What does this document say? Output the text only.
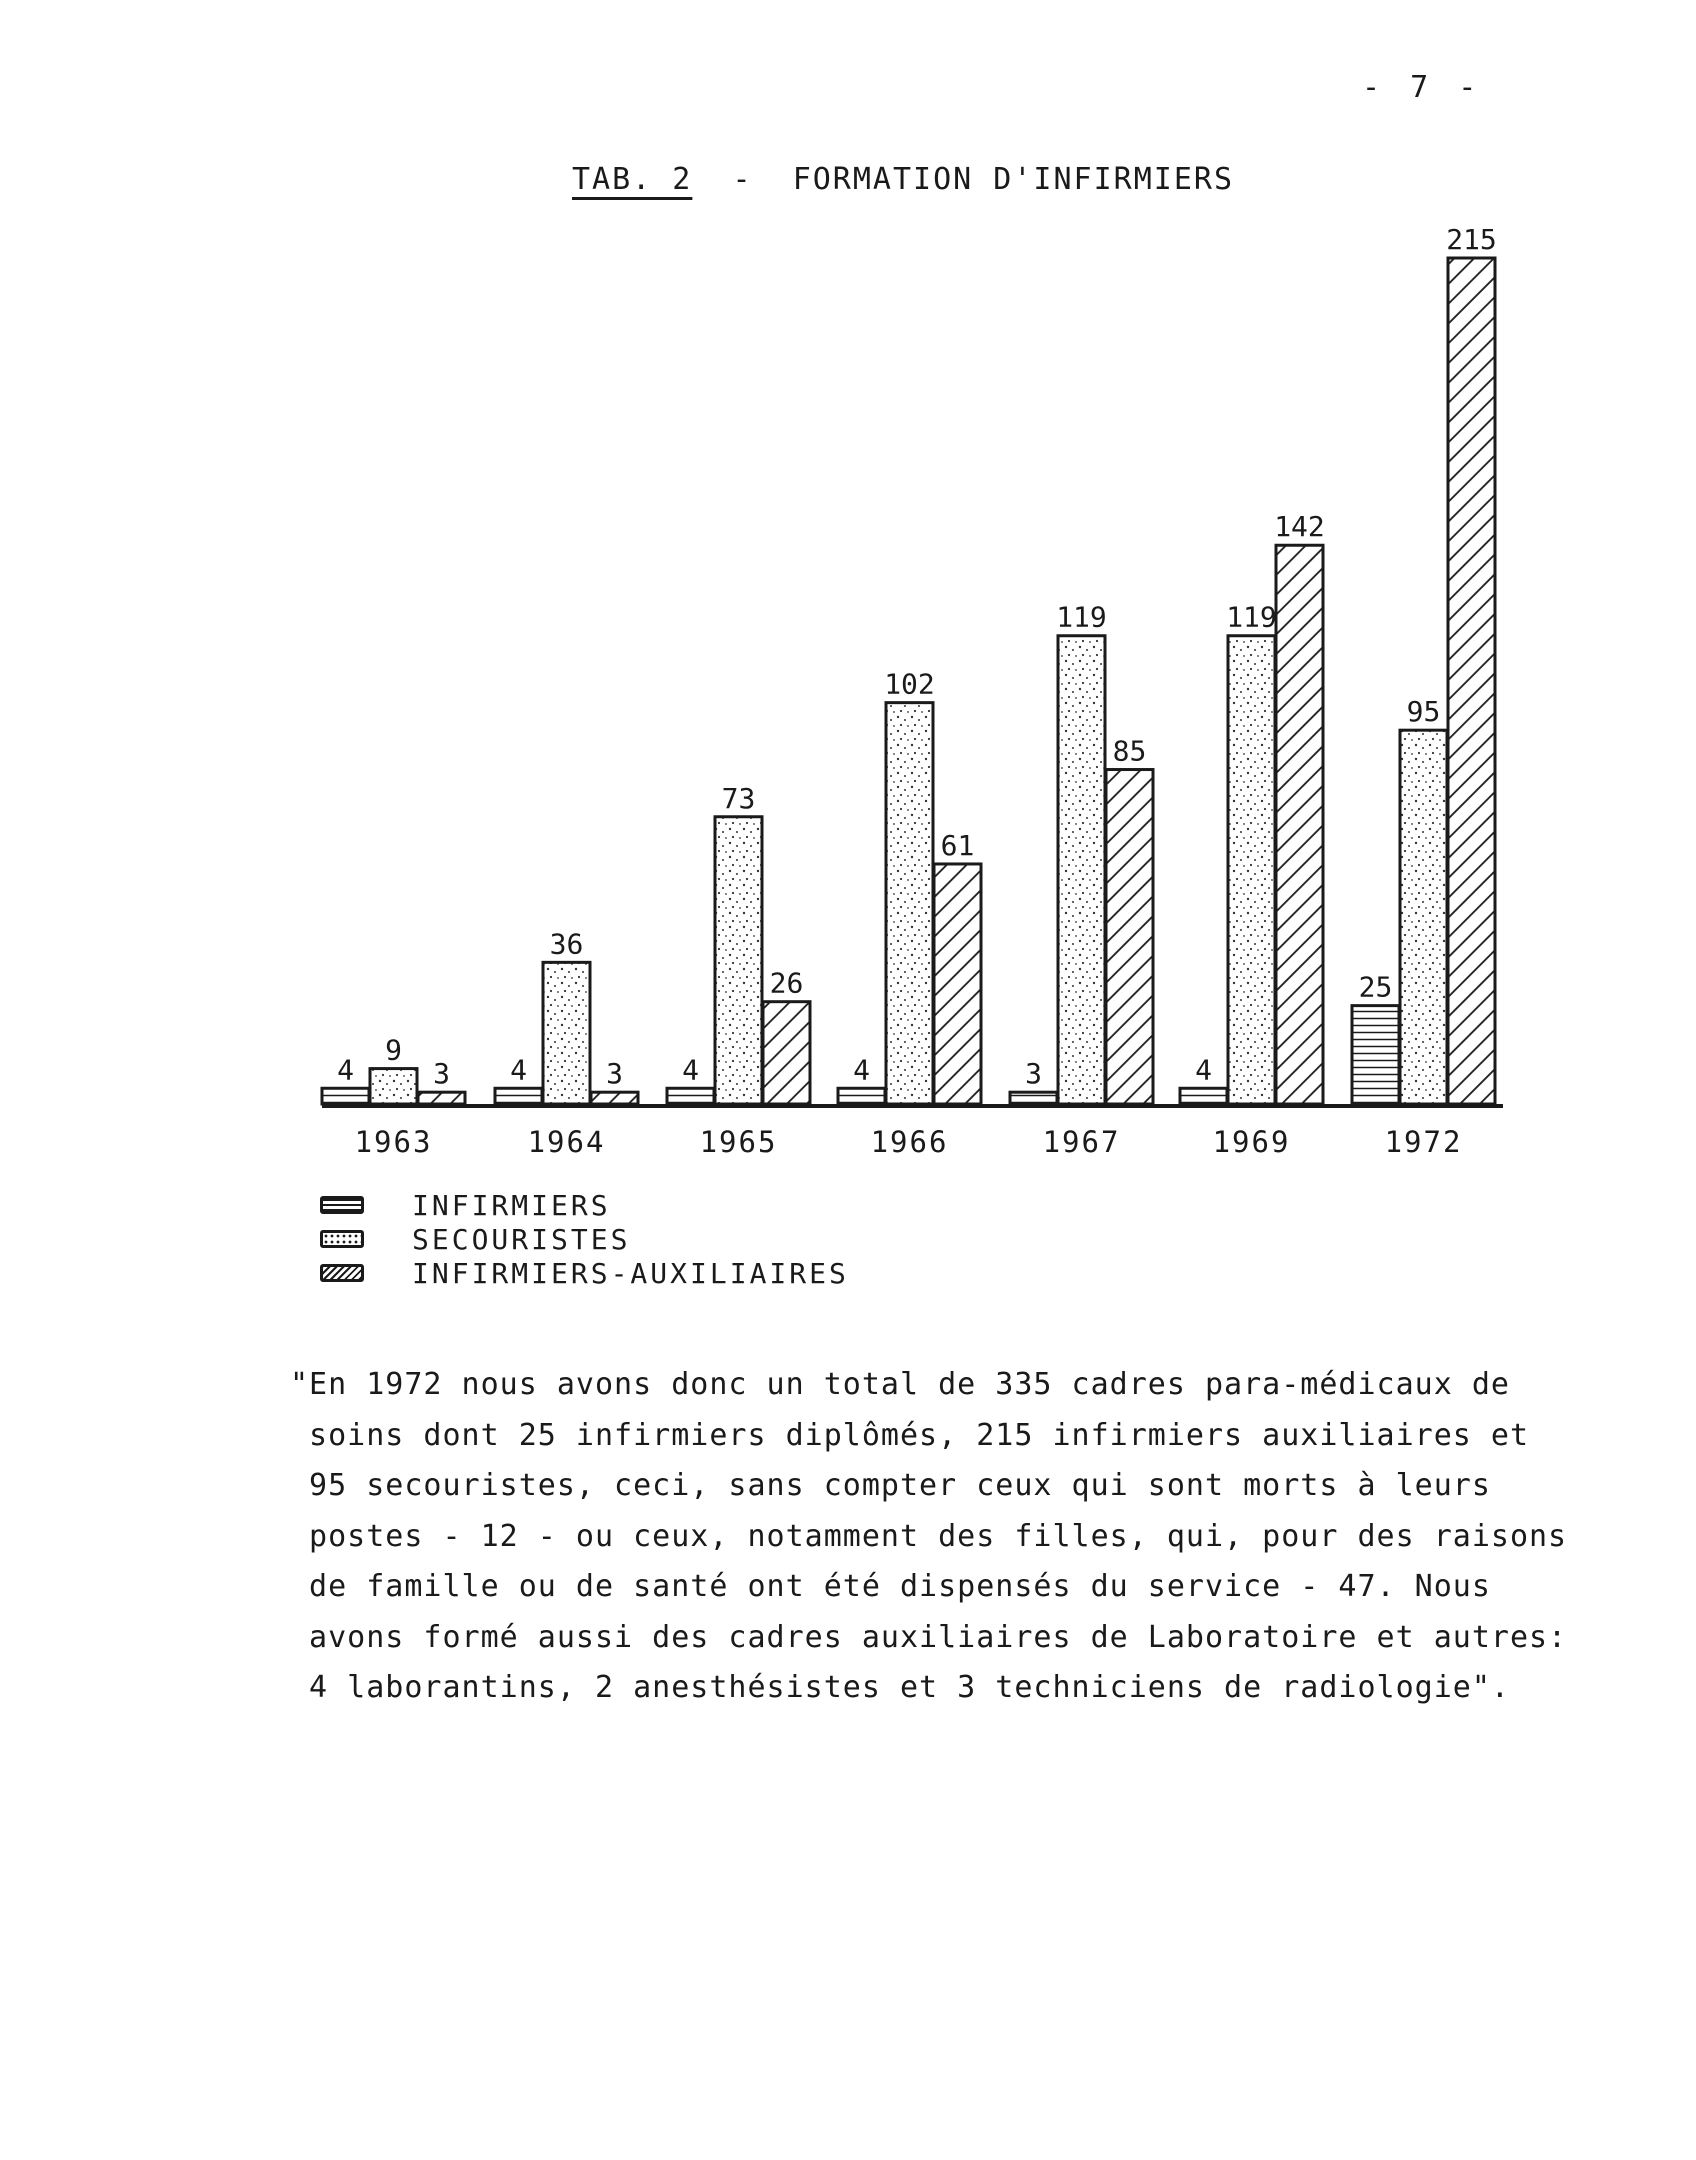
- 7 -
TAB. 2  -  FORMATION D'INFIRMIERS
4
9
3 4
36
3 4
73
26
4
102
61
3
119
85
4
119
142
25
95
215
1963	1964	1965	1966	1967	1969	1972
INFIRMIERS
SECOURISTES
INFIRMIERS-AUXILIAIRES

"En 1972 nous avons donc un total de 335 cadres para-médicaux de

soins dont 25 infirmiers diplômés, 215 infirmiers auxiliaires et

95 secouristes, ceci, sans compter ceux qui sont morts à leurs

postes - 12 - ou ceux, notamment des filles, qui, pour des raisons

de famille ou de santé ont été dispensés du service - 47. Nous

avons formé aussi des cadres auxiliaires de Laboratoire et autres:

4 laborantins, 2 anesthésistes et 3 techniciens de radiologie".
